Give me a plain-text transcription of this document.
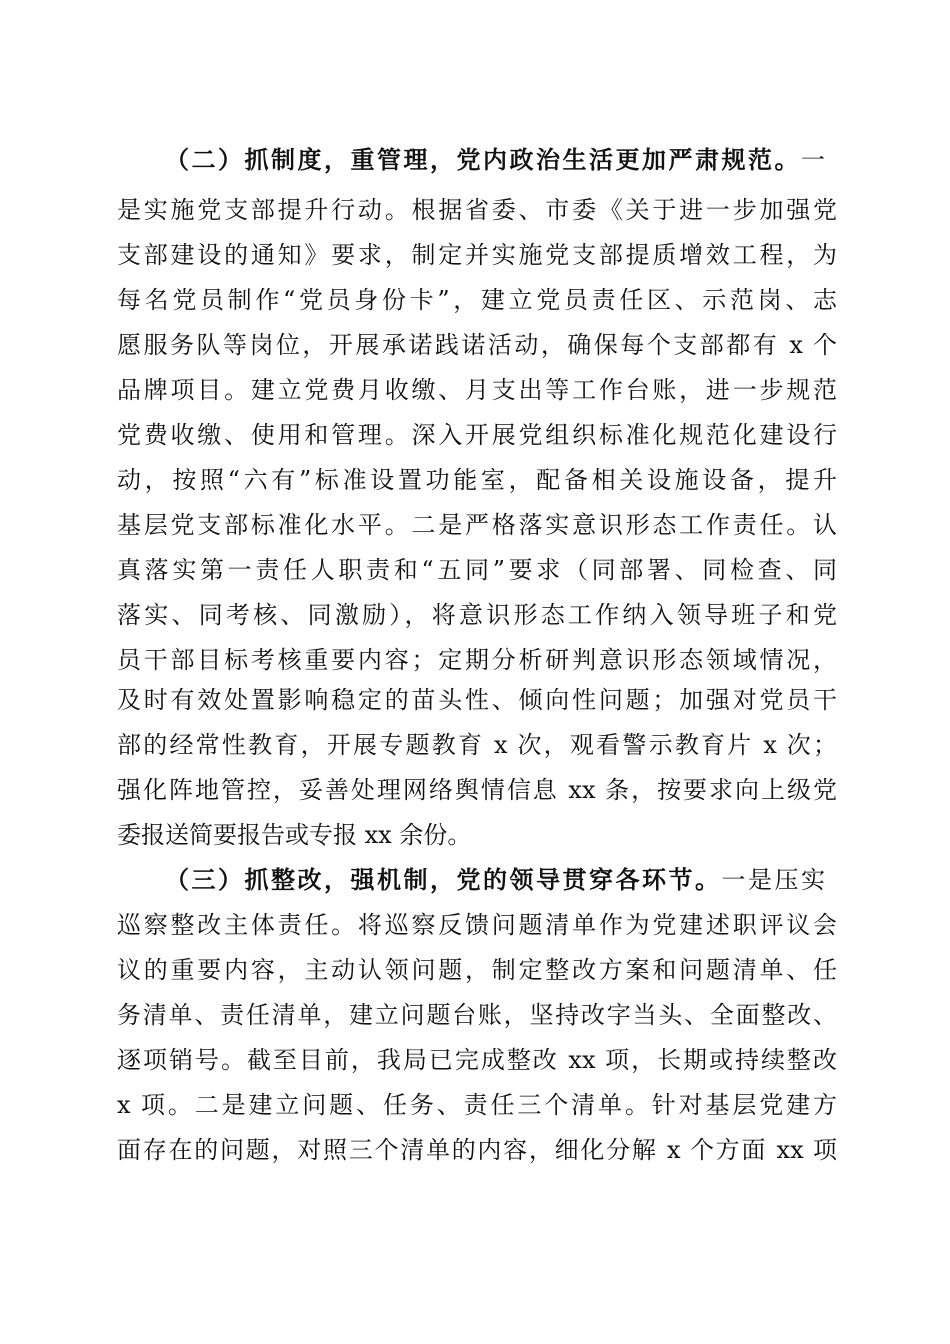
（二）抓制度，重管理，党内政治生活更加严肃规范。一
是实施党支部提升行动。根据省委、市委《关于进一步加强党
支部建设的通知》要求，制定并实施党支部提质增效工程，为
每名党员制作“党员身份卡”，建立党员责任区、示范岗、志
愿服务队等岗位，开展承诺践诺活动，确保每个支部都有 x 个
品牌项目。建立党费月收缴、月支出等工作台账，进一步规范
党费收缴、使用和管理。深入开展党组织标准化规范化建设行
动，按照“六有”标准设置功能室，配备相关设施设备，提升
基层党支部标准化水平。二是严格落实意识形态工作责任。认
真落实第一责任人职责和“五同”要求（同部署、同检查、同
落实、同考核、同激励），将意识形态工作纳入领导班子和党
员干部目标考核重要内容；定期分析研判意识形态领域情况，
及时有效处置影响稳定的苗头性、倾向性问题；加强对党员干
部的经常性教育，开展专题教育 x 次，观看警示教育片 x 次；
强化阵地管控，妥善处理网络舆情信息 xx 条，按要求向上级党
委报送简要报告或专报 xx 余份。
（三）抓整改，强机制，党的领导贯穿各环节。一是压实
巡察整改主体责任。将巡察反馈问题清单作为党建述职评议会
议的重要内容，主动认领问题，制定整改方案和问题清单、任
务清单、责任清单，建立问题台账，坚持改字当头、全面整改、
逐项销号。截至目前，我局已完成整改 xx 项，长期或持续整改
x 项。二是建立问题、任务、责任三个清单。针对基层党建方
面存在的问题，对照三个清单的内容，细化分解 x 个方面 xx 项
